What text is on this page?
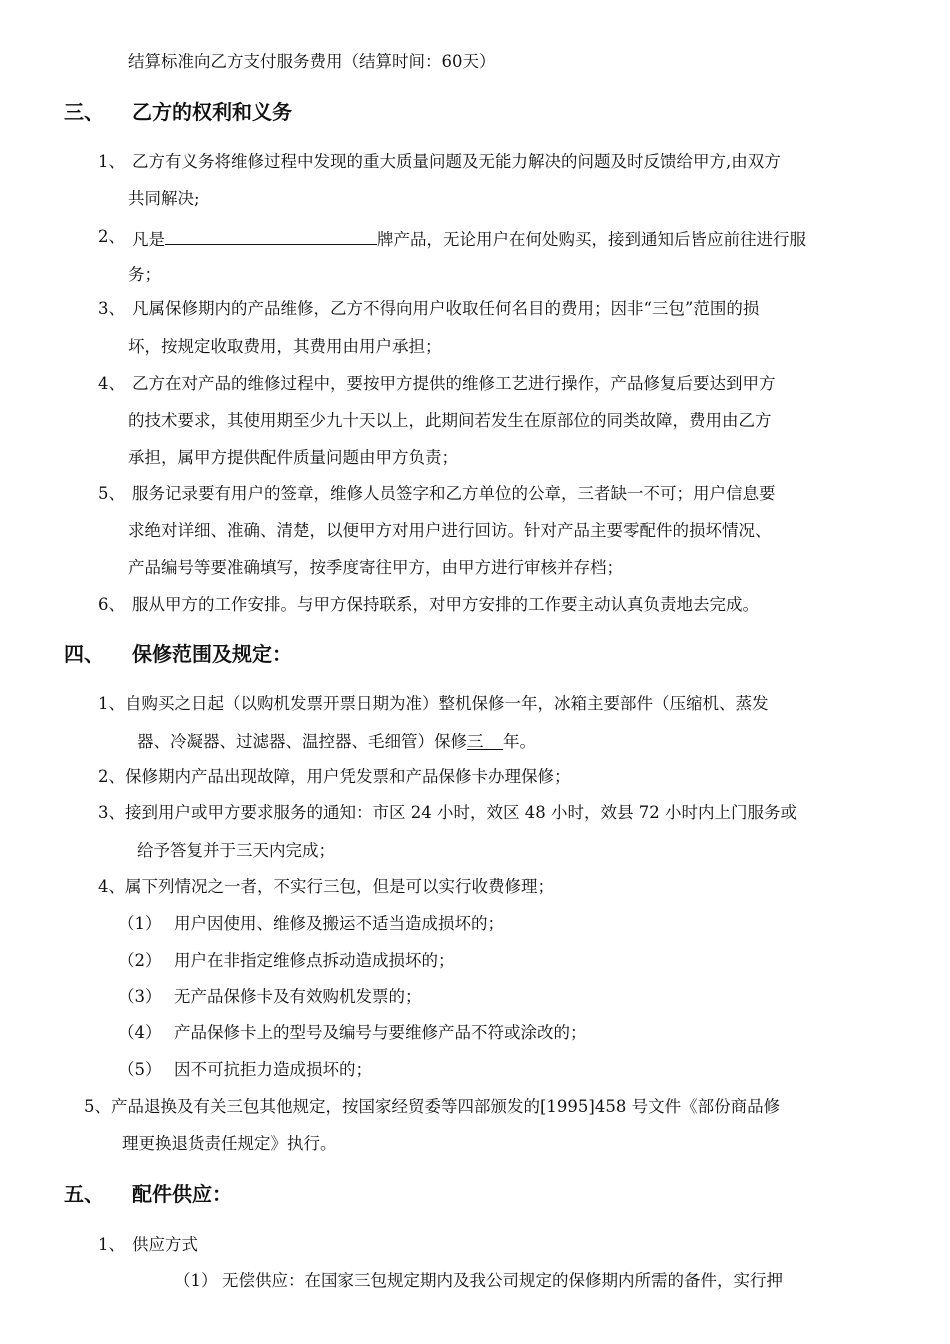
结算标准向乙方支付服务费用（结算时间：60天）
三、 乙方的权利和义务
1、 乙方有义务将维修过程中发现的重大质量问题及无能力解决的问题及时反馈给甲方,由双方
共同解决;
2、 凡是	牌产品，无论用户在何处购买，接到通知后皆应前往进行服
务；
3、 凡属保修期内的产品维修，乙方不得向用户收取任何名目的费用；因非“三包”范围的损
坏，按规定收取费用，其费用由用户承担；
4、 乙方在对产品的维修过程中，要按甲方提供的维修工艺进行操作，产品修复后要达到甲方
的技术要求，其使用期至少九十天以上，此期间若发生在原部位的同类故障，费用由乙方
承担，属甲方提供配件质量问题由甲方负责；
5、 服务记录要有用户的签章，维修人员签字和乙方单位的公章，三者缺一不可；用户信息要
求绝对详细、准确、清楚，以便甲方对用户进行回访。针对产品主要零配件的损坏情况、
产品编号等要准确填写，按季度寄往甲方，由甲方进行审核并存档；
6、 服从甲方的工作安排。与甲方保持联系，对甲方安排的工作要主动认真负责地去完成。
四、 保修范围及规定：
1、自购买之日起（以购机发票开票日期为准）整机保修一年，冰箱主要部件（压缩机、蒸发
器、冷凝器、过滤器、温控器、毛细管）保修三 年。
2、保修期内产品出现故障，用户凭发票和产品保修卡办理保修；
3、接到用户或甲方要求服务的通知：市区 24 小时，效区 48 小时，效县 72 小时内上门服务或
给予答复并于三天内完成；
4、属下列情况之一者，不实行三包，但是可以实行收费修理；
（1） 用户因使用、维修及搬运不适当造成损坏的；
（2） 用户在非指定维修点拆动造成损坏的；
（3） 无产品保修卡及有效购机发票的；
（4） 产品保修卡上的型号及编号与要维修产品不符或涂改的；
（5） 因不可抗拒力造成损坏的；
5、产品退换及有关三包其他规定，按国家经贸委等四部颁发的[1995]458 号文件《部份商品修
理更换退货责任规定》执行。
五、 配件供应：
1、 供应方式
（1） 无偿供应：在国家三包规定期内及我公司规定的保修期内所需的备件，实行押
